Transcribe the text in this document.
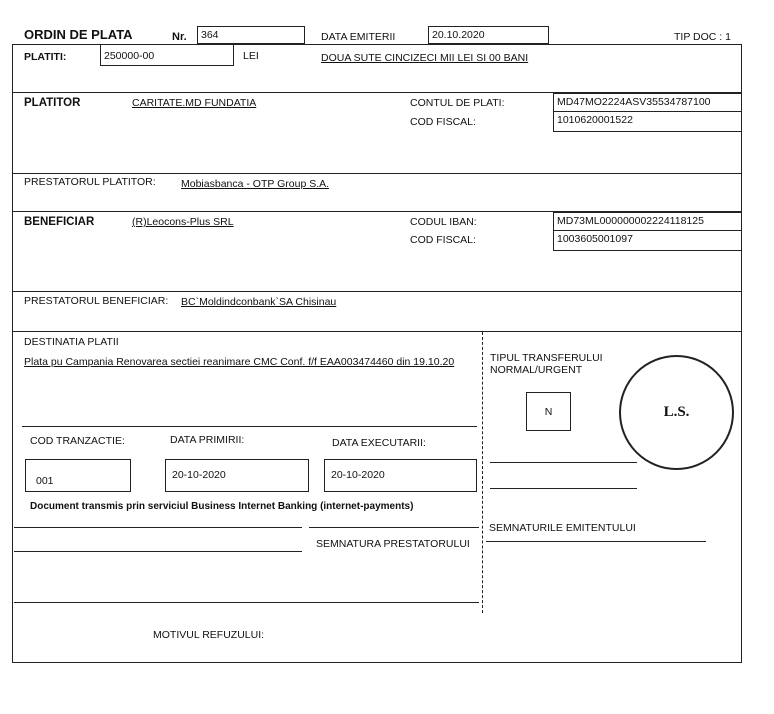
ORDIN DE PLATA	Nr.	364	DATA EMITERII	20.10.2020	TIP DOC : 1
PLATITI:	250000-00	LEI	DOUA SUTE CINCIZECI MII LEI SI 00 BANI
PLATITOR	CARITATE.MD FUNDATIA	CONTUL DE PLATI:	MD47MO2224ASV35534787100
COD FISCAL:	1010620001522
PRESTATORUL PLATITOR: Mobiasbanca - OTP Group S.A.
BENEFICIAR	(R)Leocons-Plus SRL	CODUL IBAN:	MD73ML000000002224118125
COD FISCAL:	1003605001097
PRESTATORUL BENEFICIAR: BC`Moldindconbank`SA Chisinau
DESTINATIA PLATII
Plata pu Campania Renovarea sectiei reanimare CMC Conf. f/f EAA003474460 din 19.10.20	TIPUL TRANSFERULUI
NORMAL/URGENT
N	L.S.
COD TRANZACTIE:	DATA PRIMIRII:	DATA EXECUTARII:
001	20-10-2020	20-10-2020
Document transmis prin serviciul Business Internet Banking (internet-payments)
SEMNATURA PRESTATORULUI
SEMNATURILE EMITENTULUI
MOTIVUL REFUZULUI:
